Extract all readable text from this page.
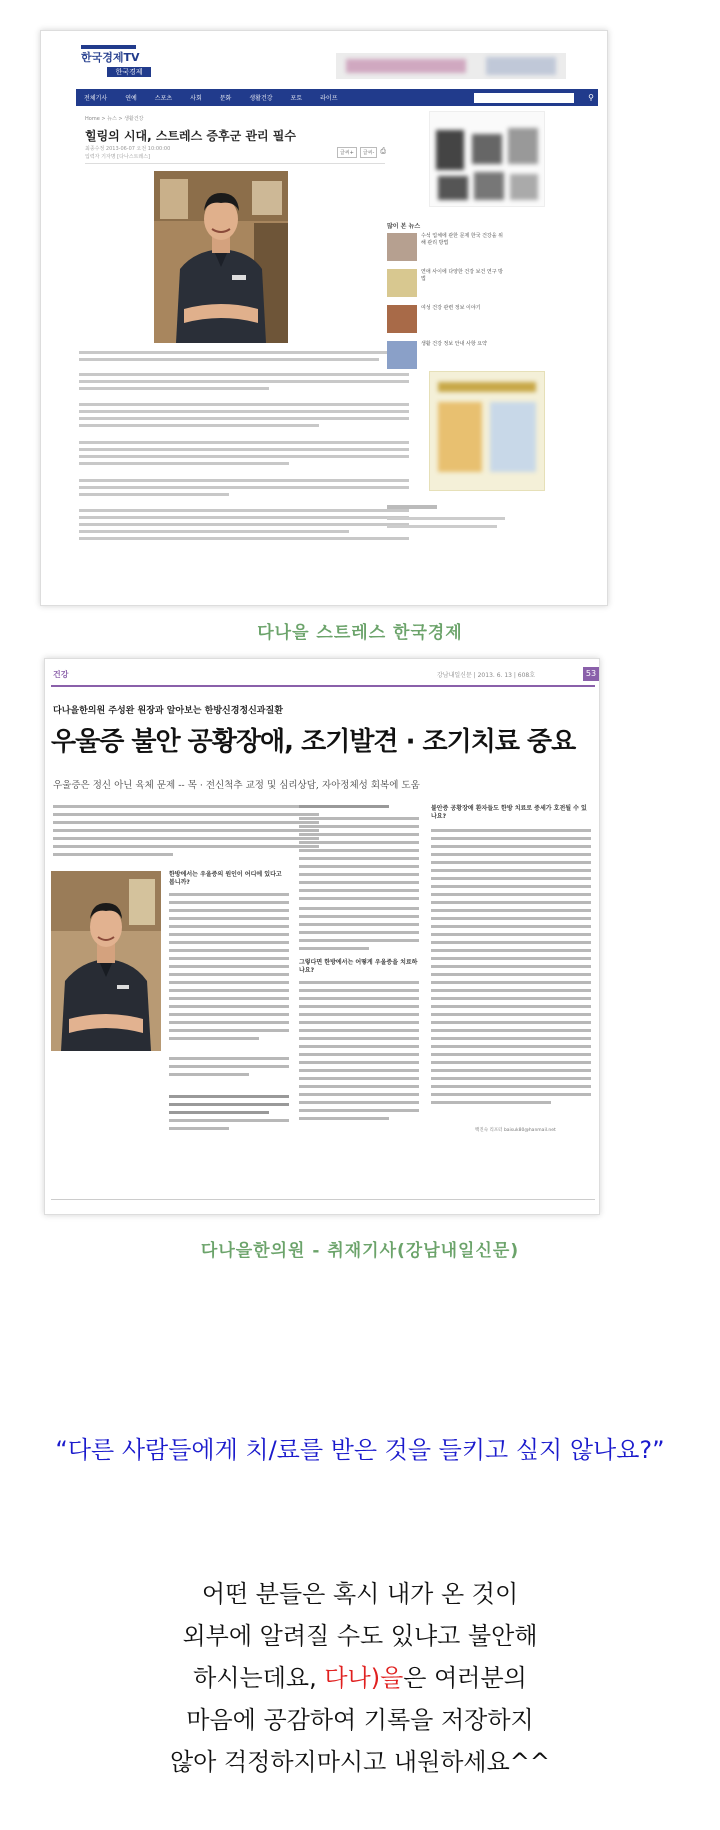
한국경제TV
한국경제
전체기사	연예	스포츠	사회	문화	생활건강	포토	라이프	⚲
Home > 뉴스 > 생활건강
힐링의 시대, 스트레스 증후군 관리 필수
최종수정 2013-06-07 오전 10:00:00
입력자 기자명 [다나스트레스]
글씨+	글씨- ⎙
많이 본 뉴스
수석 업체에 관한 문제 한국 건강을 위해 관리 방법
연애 사이에 다양한 건강 보건 연구 방법
여성 건강 관련 정보 이야기
생활 건강 정보 안내 사항 요약
다나을 스트레스 한국경제
건강	강남내일신문 | 2013. 6. 13 | 608호	53
다나을한의원 주성완 원장과 알아보는 한방신경정신과질환
우울증 불안 공황장애, 조기발견 · 조기치료 중요
우울증은 정신 아닌 육체 문제 -- 목 · 전신척추 교정 및 심리상담, 자아정체성 회복에 도움
한방에서는 우울증의 원인이 어디에 있다고 봅니까?
그렇다면 한방에서는 어떻게 우울증을 치료하나요?
불안증 공황장애 환자들도 한방 치료로 증세가 호전될 수 있나요?
백진숙 리포터 baisuk80@hanmail.net
다나을한의원 - 취재기사(강남내일신문)
“다른 사람들에게 치/료를 받은 것을 들키고 싶지 않나요?”
어떤 분들은 혹시 내가 온 것이
외부에 알려질 수도 있냐고 불안해
하시는데요, 다나)을은 여러분의
마음에 공감하여 기록을 저장하지
않아 걱정하지마시고 내원하세요^^
